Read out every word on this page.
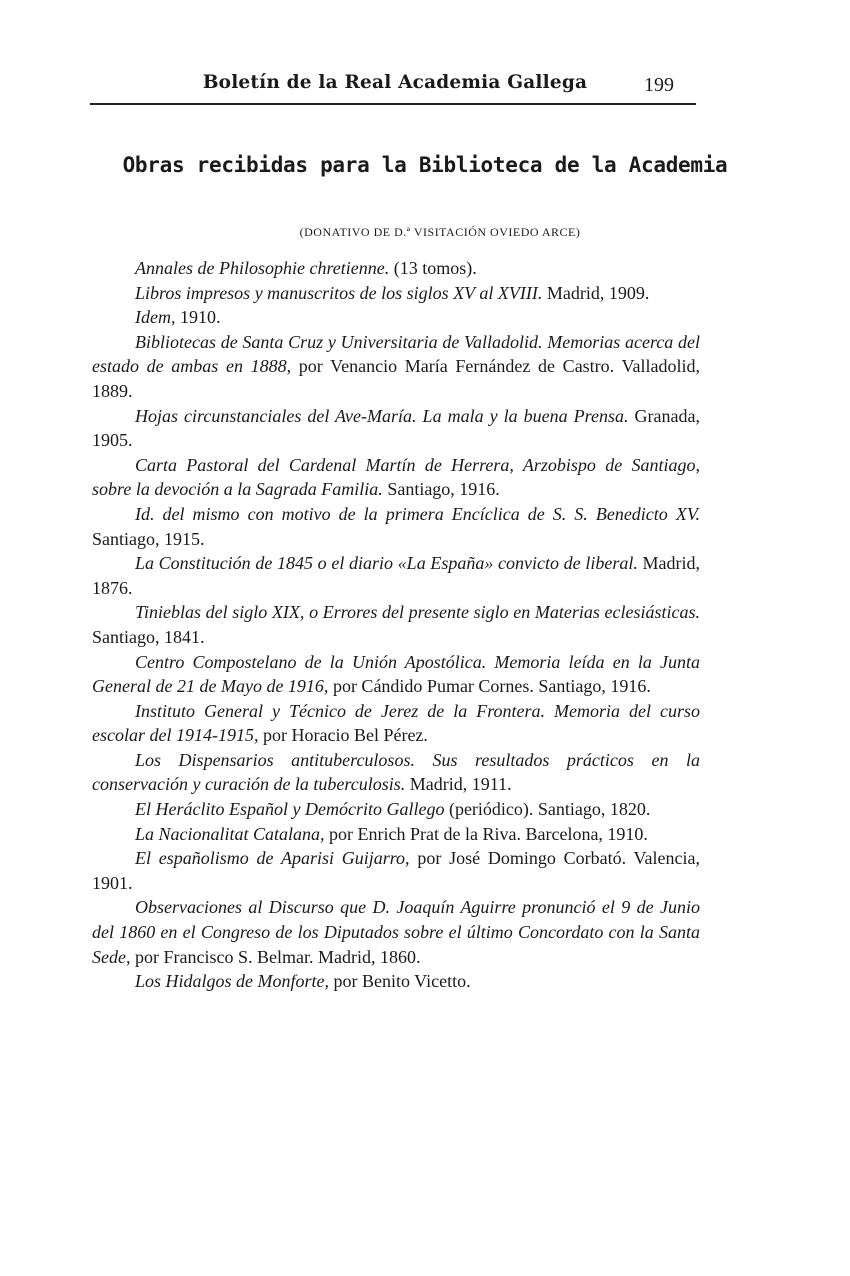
Boletín de la Real Academia Gallega	199
Obras recibidas para la Biblioteca de la Academia
(DONATIVO DE D.ª VISITACIÓN OVIEDO ARCE)

Annales de Philosophie chretienne. (13 tomos).

Libros impresos y manuscritos de los siglos XV al XVIII. Madrid, 1909.

Idem, 1910.

Bibliotecas de Santa Cruz y Universitaria de Valladolid. Memorias acerca del estado de ambas en 1888, por Venancio María Fernández de Castro. Valladolid, 1889.

Hojas circunstanciales del Ave-María. La mala y la buena Prensa. Granada, 1905.

Carta Pastoral del Cardenal Martín de Herrera, Arzobispo de Santiago, sobre la devoción a la Sagrada Familia. Santiago, 1916.

Id. del mismo con motivo de la primera Encíclica de S. S. Benedicto XV. Santiago, 1915.

La Constitución de 1845 o el diario «La España» convicto de liberal. Madrid, 1876.

Tinieblas del siglo XIX, o Errores del presente siglo en Materias eclesiásticas. Santiago, 1841.

Centro Compostelano de la Unión Apostólica. Memoria leída en la Junta General de 21 de Mayo de 1916, por Cándido Pumar Cornes. Santiago, 1916.

Instituto General y Técnico de Jerez de la Frontera. Memoria del curso escolar del 1914-1915, por Horacio Bel Pérez.

Los Dispensarios antituberculosos. Sus resultados prácticos en la conservación y curación de la tuberculosis. Madrid, 1911.

El Heráclito Español y Demócrito Gallego (periódico). Santiago, 1820.

La Nacionalitat Catalana, por Enrich Prat de la Riva. Barcelona, 1910.

El españolismo de Aparisi Guijarro, por José Domingo Corbató. Valencia, 1901.

Observaciones al Discurso que D. Joaquín Aguirre pronunció el 9 de Junio del 1860 en el Congreso de los Diputados sobre el último Concordato con la Santa Sede, por Francisco S. Belmar. Madrid, 1860.

Los Hidalgos de Monforte, por Benito Vicetto.
